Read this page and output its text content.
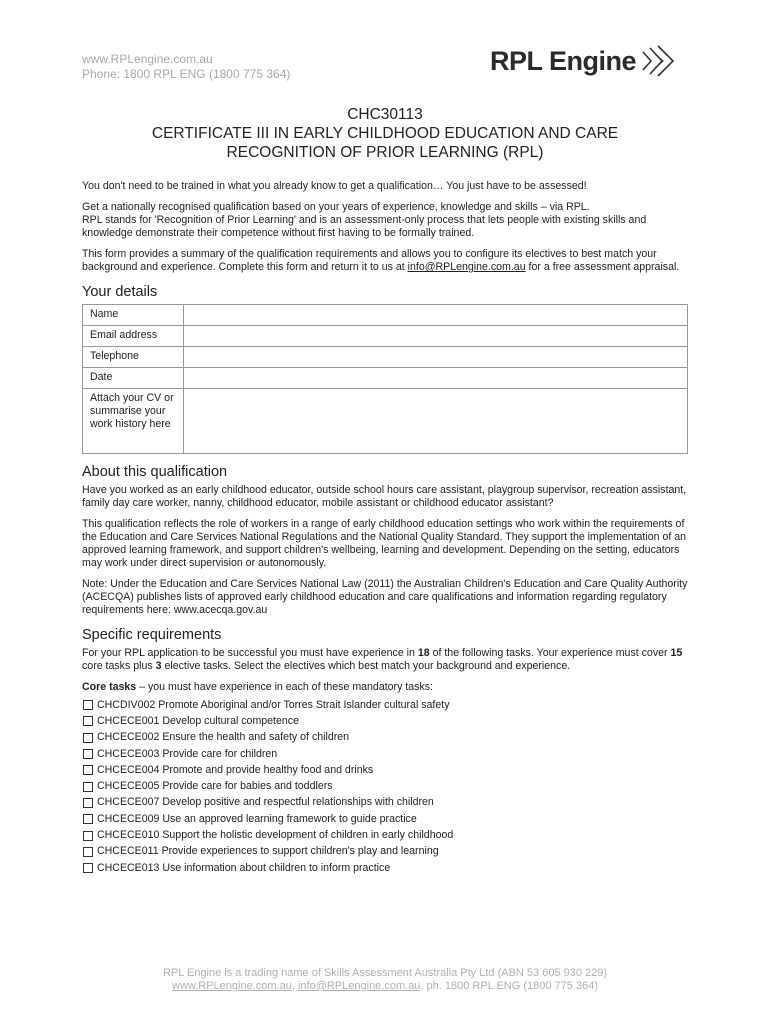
www.RPLengine.com.au
Phone: 1800 RPL ENG (1800 775 364)	RPL Engine
CHC30113
CERTIFICATE III IN EARLY CHILDHOOD EDUCATION AND CARE
RECOGNITION OF PRIOR LEARNING (RPL)

You don't need to be trained in what you already know to get a qualification… You just have to be assessed!

Get a nationally recognised qualification based on your years of experience, knowledge and skills – via RPL.
RPL stands for 'Recognition of Prior Learning' and is an assessment-only process that lets people with existing skills and knowledge demonstrate their competence without first having to be formally trained.

This form provides a summary of the qualification requirements and allows you to configure its electives to best match your background and experience. Complete this form and return it to us at info@RPLengine.com.au for a free assessment appraisal.

Your details
Name	
Email address	
Telephone	
Date	
Attach your CV or summarise your work history here	
About this qualification

Have you worked as an early childhood educator, outside school hours care assistant, playgroup supervisor, recreation assistant, family day care worker, nanny, childhood educator, mobile assistant or childhood educator assistant?

This qualification reflects the role of workers in a range of early childhood education settings who work within the requirements of the Education and Care Services National Regulations and the National Quality Standard. They support the implementation of an approved learning framework, and support children's wellbeing, learning and development. Depending on the setting, educators may work under direct supervision or autonomously.

Note: Under the Education and Care Services National Law (2011) the Australian Children's Education and Care Quality Authority (ACECQA) publishes lists of approved early childhood education and care qualifications and information regarding regulatory requirements here: www.acecqa.gov.au

Specific requirements

For your RPL application to be successful you must have experience in 18 of the following tasks. Your experience must cover 15 core tasks plus 3 elective tasks. Select the electives which best match your background and experience.

Core tasks – you must have experience in each of these mandatory tasks:
CHCDIV002 Promote Aboriginal and/or Torres Strait Islander cultural safety
CHCECE001 Develop cultural competence
CHCECE002 Ensure the health and safety of children
CHCECE003 Provide care for children
CHCECE004 Promote and provide healthy food and drinks
CHCECE005 Provide care for babies and toddlers
CHCECE007 Develop positive and respectful relationships with children
CHCECE009 Use an approved learning framework to guide practice
CHCECE010 Support the holistic development of children in early childhood
CHCECE011 Provide experiences to support children's play and learning
CHCECE013 Use information about children to inform practice
RPL Engine is a trading name of Skills Assessment Australia Pty Ltd (ABN 53 605 930 229)
www.RPLengine.com.au, info@RPLengine.com.au, ph. 1800 RPL ENG (1800 775 364)
